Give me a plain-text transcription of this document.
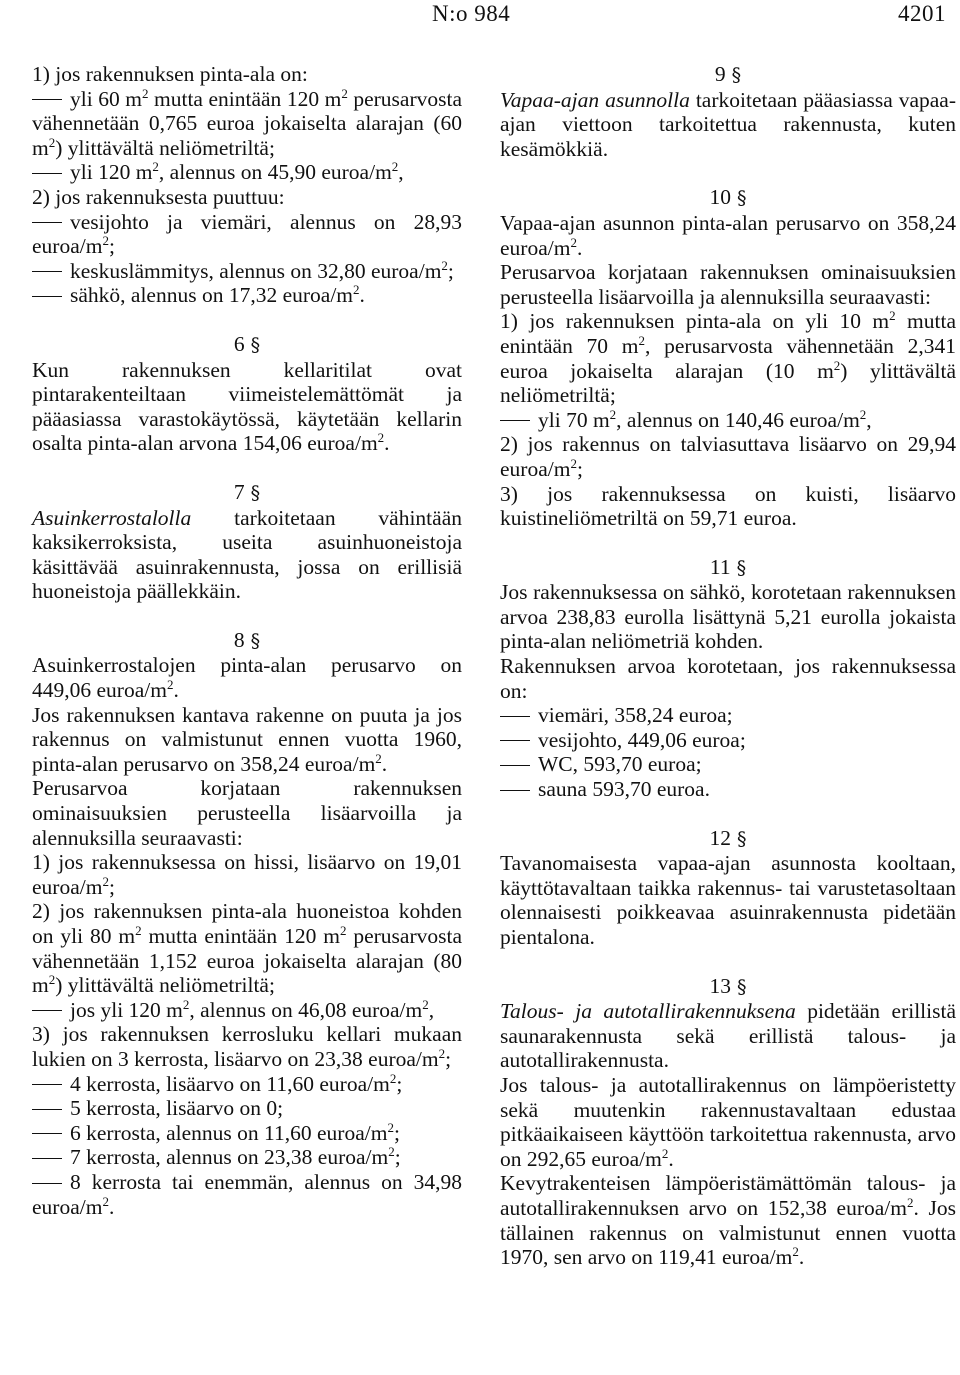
N:o 984	4201

1) jos rakennuksen pinta-ala on:

yli 60 $m^2$ mutta enintään 120 $m^2$ perusarvosta vähennetään 0,765 euroa jokaiselta alarajan (60 $m^2$) ylittävältä neliömetriltä;

yli 120 $m^2$, alennus on 45,90 euroa/$m^2$,

2) jos rakennuksesta puuttuu:

vesijohto ja viemäri, alennus on 28,93 euroa/$m^2$;

keskuslämmitys, alennus on 32,80 euroa/$m^2$;

sähkö, alennus on 17,32 euroa/$m^2$.

6 §

Kun rakennuksen kellaritilat ovat pintarakenteiltaan viimeistelemättömät ja pääasiassa varastokäytössä, käytetään kellarin osalta pinta-alan arvona 154,06 euroa/$m^2$.

7 §

Asuinkerrostalolla tarkoitetaan vähintään kaksikerroksista, useita asuinhuoneistoja käsittävää asuinrakennusta, jossa on erillisiä huoneistoja päällekkäin.

8 §

Asuinkerrostalojen pinta-alan perusarvo on 449,06 euroa/$m^2$.

Jos rakennuksen kantava rakenne on puuta ja jos rakennus on valmistunut ennen vuotta 1960, pinta-alan perusarvo on 358,24 euroa/$m^2$.

Perusarvoa korjataan rakennuksen ominaisuuksien perusteella lisäarvoilla ja alennuksilla seuraavasti:

1) jos rakennuksessa on hissi, lisäarvo on 19,01 euroa/$m^2$;

2) jos rakennuksen pinta-ala huoneistoa kohden on yli 80 $m^2$ mutta enintään 120 $m^2$ perusarvosta vähennetään 1,152 euroa jokaiselta alarajan (80 $m^2$) ylittävältä neliömetriltä;

jos yli 120 $m^2$, alennus on 46,08 euroa/$m^2$,

3) jos rakennuksen kerrosluku kellari mukaan lukien on 3 kerrosta, lisäarvo on 23,38 euroa/$m^2$;

4 kerrosta, lisäarvo on 11,60 euroa/$m^2$;

5 kerrosta, lisäarvo on 0;

6 kerrosta, alennus on 11,60 euroa/$m^2$;

7 kerrosta, alennus on 23,38 euroa/$m^2$;

8 kerrosta tai enemmän, alennus on 34,98 euroa/$m^2$.

9 §

Vapaa-ajan asunnolla tarkoitetaan pääasiassa vapaa-ajan viettoon tarkoitettua rakennusta, kuten kesämökkiä.

10 §

Vapaa-ajan asunnon pinta-alan perusarvo on 358,24 euroa/$m^2$.

Perusarvoa korjataan rakennuksen ominaisuuksien perusteella lisäarvoilla ja alennuksilla seuraavasti:

1) jos rakennuksen pinta-ala on yli 10 $m^2$ mutta enintään 70 $m^2$, perusarvosta vähennetään 2,341 euroa jokaiselta alarajan (10 $m^2$) ylittävältä neliömetriltä;

yli 70 $m^2$, alennus on 140,46 euroa/$m^2$,

2) jos rakennus on talviasuttava lisäarvo on 29,94 euroa/$m^2$;

3) jos rakennuksessa on kuisti, lisäarvo kuistineliömetriltä on 59,71 euroa.

11 §

Jos rakennuksessa on sähkö, korotetaan rakennuksen arvoa 238,83 eurolla lisättynä 5,21 eurolla jokaista pinta-alan neliömetriä kohden.

Rakennuksen arvoa korotetaan, jos rakennuksessa on:

viemäri, 358,24 euroa;

vesijohto, 449,06 euroa;

WC, 593,70 euroa;

sauna 593,70 euroa.

12 §

Tavanomaisesta vapaa-ajan asunnosta kooltaan, käyttötavaltaan taikka rakennus- tai varustetasoltaan olennaisesti poikkeavaa asuinrakennusta pidetään pientalona.

13 §

Talous- ja autotallirakennuksena pidetään erillistä saunarakennusta sekä erillistä talous- ja autotallirakennusta.

Jos talous- ja autotallirakennus on lämpöeristetty sekä muutenkin rakennustavaltaan edustaa pitkäaikaiseen käyttöön tarkoitettua rakennusta, arvo on 292,65 euroa/$m^2$.

Kevytrakenteisen lämpöeristämättömän talous- ja autotallirakennuksen arvo on 152,38 euroa/$m^2$. Jos tällainen rakennus on valmistunut ennen vuotta 1970, sen arvo on 119,41 euroa/$m^2$.
